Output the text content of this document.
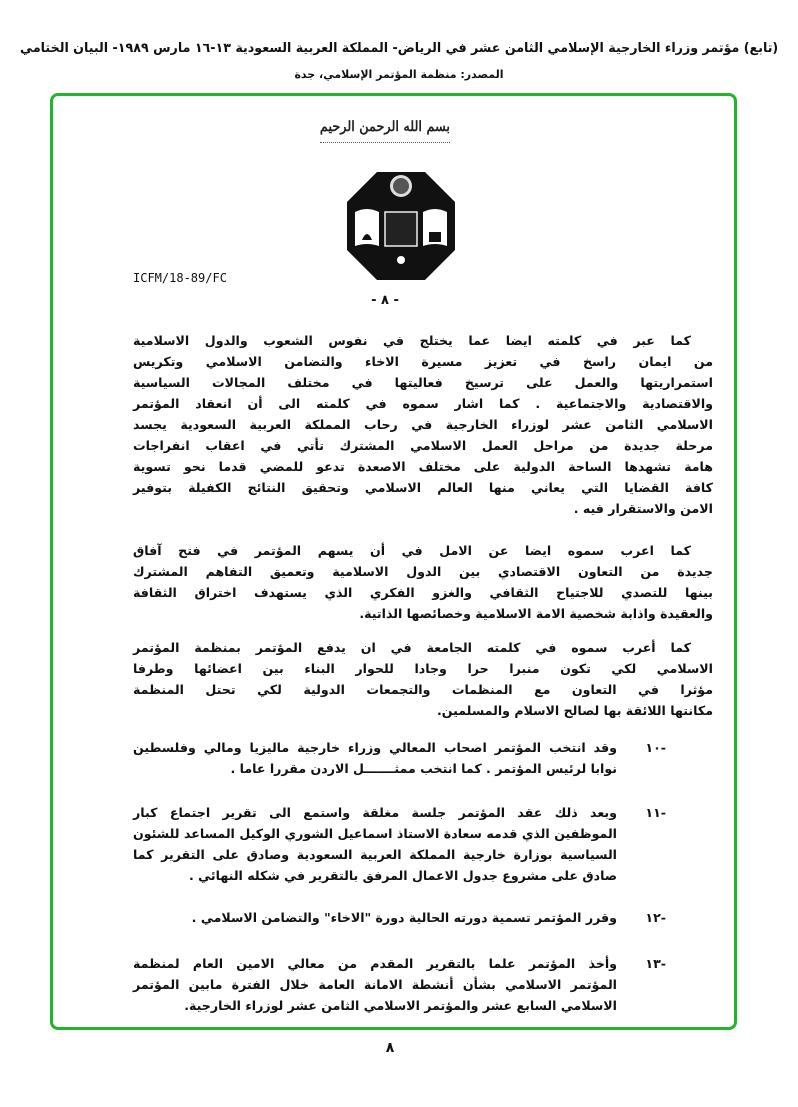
(تابع) مؤتمر وزراء الخارجية الإسلامي الثامن عشر في الرياض- المملكة العربية السعودية ١٣-١٦ مارس ١٩٨٩- البيان الختامي
المصدر: منظمة المؤتمر الإسلامي، جدة
بسم الله الرحمن الرحيم
ICFM/18-89/FC
- ٨ -
كما عبر في كلمته ايضا عما يختلج في نفوس الشعوب والدول الاسلامية
من ايمان راسخ في تعزيز مسيرة الاخاء والتضامن الاسلامي وتكريس
استمراريتها والعمل على ترسيخ فعاليتها في مختلف المجالات السياسية
والاقتصادية والاجتماعية . كما اشار سموه في كلمته الى أن انعقاد المؤتمر
الاسلامي الثامن عشر لوزراء الخارجية في رحاب المملكة العربية السعودية يجسد
مرحلة جديدة من مراحل العمل الاسلامي المشترك تأتي في اعقاب انفراجات
هامة تشهدها الساحة الدولية على مختلف الاصعدة تدعو للمضي قدما نحو تسوية
كافة القضايا التي يعاني منها العالم الاسلامي وتحقيق النتائج الكفيلة بتوفير
الامن والاستقرار فيه .
كما اعرب سموه ايضا عن الامل في أن يسهم المؤتمر في فتح آفاق
جديدة من التعاون الاقتصادي بين الدول الاسلامية وتعميق التفاهم المشترك
بينها للتصدي للاجتياح الثقافي والغزو الفكري الذي يستهدف اختراق الثقافة
والعقيدة واذابة شخصية الامة الاسلامية وخصائصها الذاتية.
كما أعرب سموه في كلمته الجامعة في ان يدفع المؤتمر بمنظمة المؤتمر
الاسلامي لكي تكون منبرا حرا وجادا للحوار البناء بين اعضائها وطرفا
مؤثرا في التعاون مع المنظمات والتجمعات الدولية لكي تحتل المنظمة
مكانتها اللائقة بها لصالح الاسلام والمسلمين.
-١٠
وقد انتخب المؤتمر اصحاب المعالي وزراء خارجية ماليزيا ومالي وفلسطين
نوابا لرئيس المؤتمر . كما انتخب ممثـــــــل الاردن مقررا عاما .
-١١
وبعد ذلك عقد المؤتمر جلسة مغلقة واستمع الى تقرير اجتماع كبار
الموظفين الذي قدمه سعادة الاستاذ اسماعيل الشوري الوكيل المساعد للشئون
السياسية بوزارة خارجية المملكة العربية السعودية وصادق على التقرير كما
صادق على مشروع جدول الاعمال المرفق بالتقرير في شكله النهائي .
-١٢
وقرر المؤتمر تسمية دورته الحالية دورة "الاخاء" والتضامن الاسلامي .
-١٣
وأخذ المؤتمر علما بالتقرير المقدم من معالي الامين العام لمنظمة
المؤتمر الاسلامي بشأن أنشطة الامانة العامة خلال الفترة مابين المؤتمر
الاسلامي السابع عشر والمؤتمر الاسلامي الثامن عشر لوزراء الخارجية.
٨
